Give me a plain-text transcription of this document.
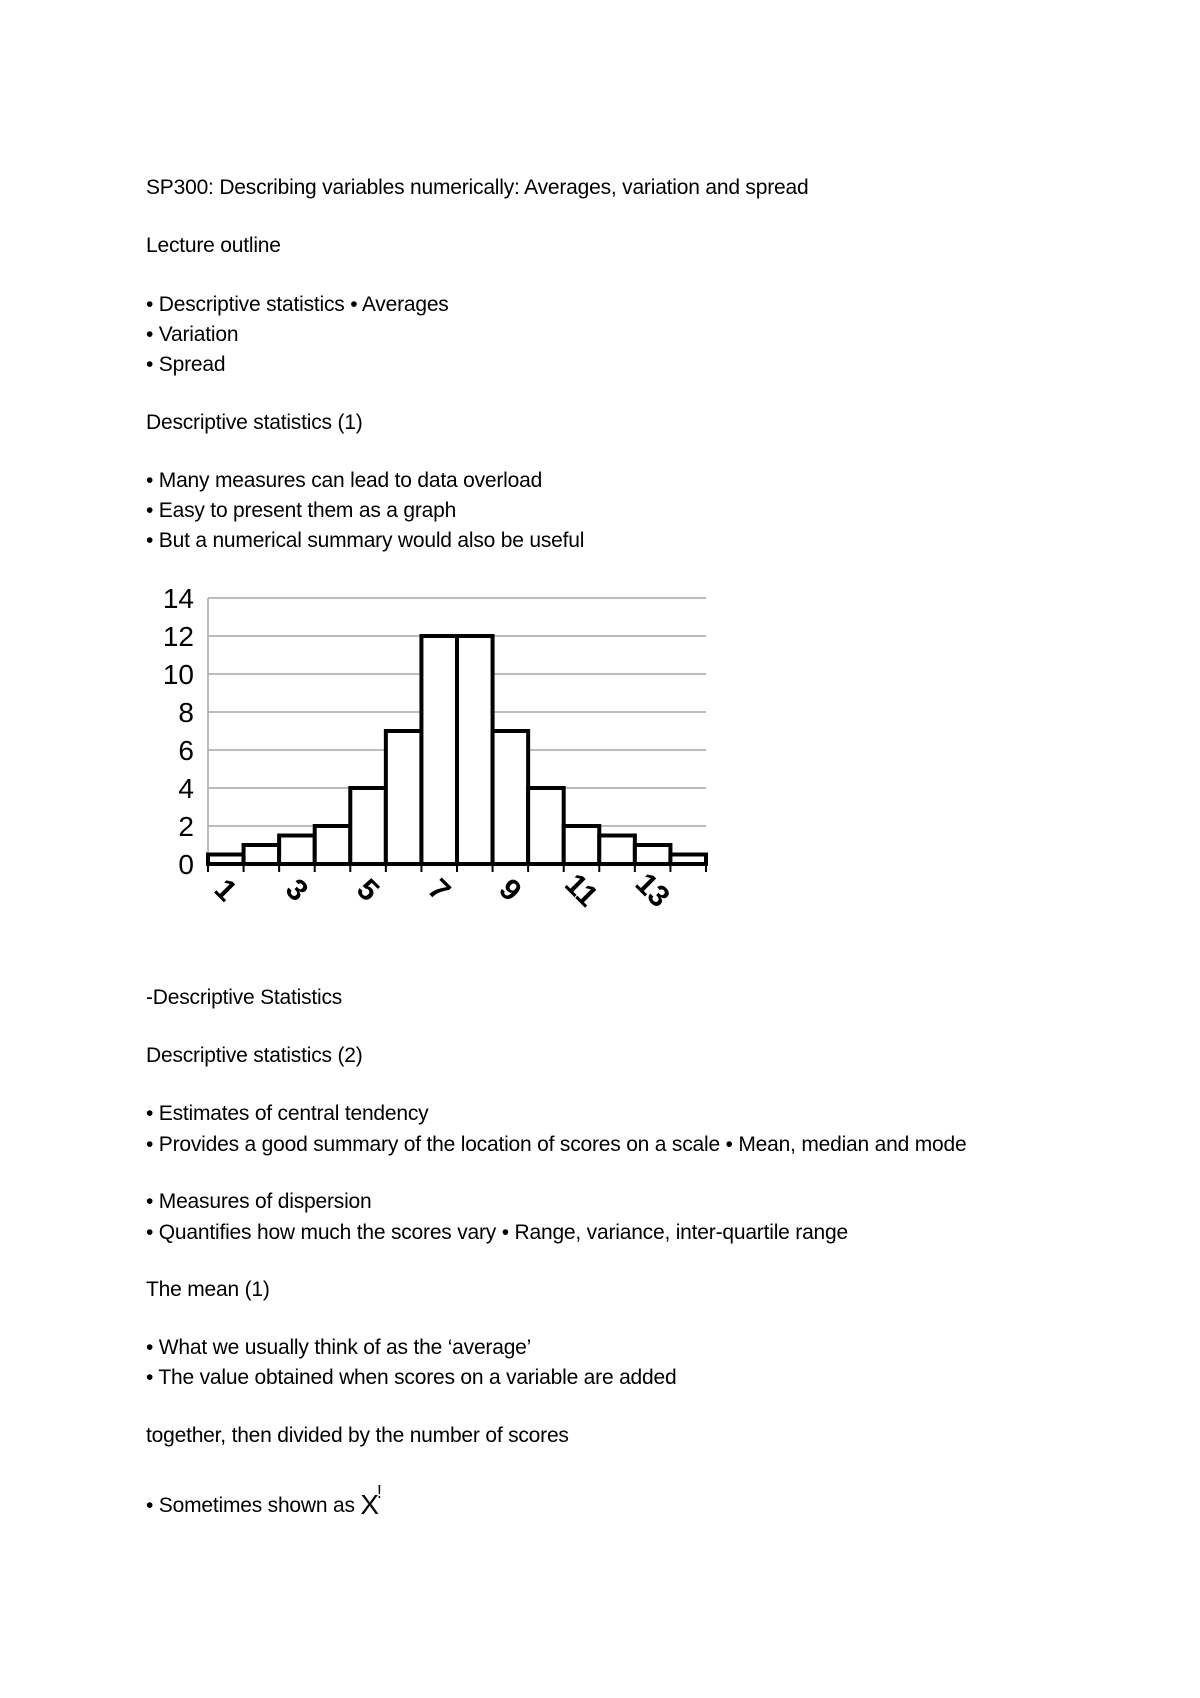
SP300: Describing variables numerically: Averages, variation and spread
Lecture outline
• Descriptive statistics • Averages
• Variation
• Spread
Descriptive statistics (1)
• Many measures can lead to data overload
• Easy to present them as a graph
• But a numerical summary would also be useful
0
2
4
6
8
10
12
14
1 3 5 7 9 11 13
-Descriptive Statistics
Descriptive statistics (2)
• Estimates of central tendency
• Provides a good summary of the location of scores on a scale • Mean, median and mode
• Measures of dispersion
• Quantifies how much the scores vary • Range, variance, inter-quartile range
The mean (1)
• What we usually think of as the ‘average’
• The value obtained when scores on a variable are added
together, then divided by the number of scores
• Sometimes shown as X!
